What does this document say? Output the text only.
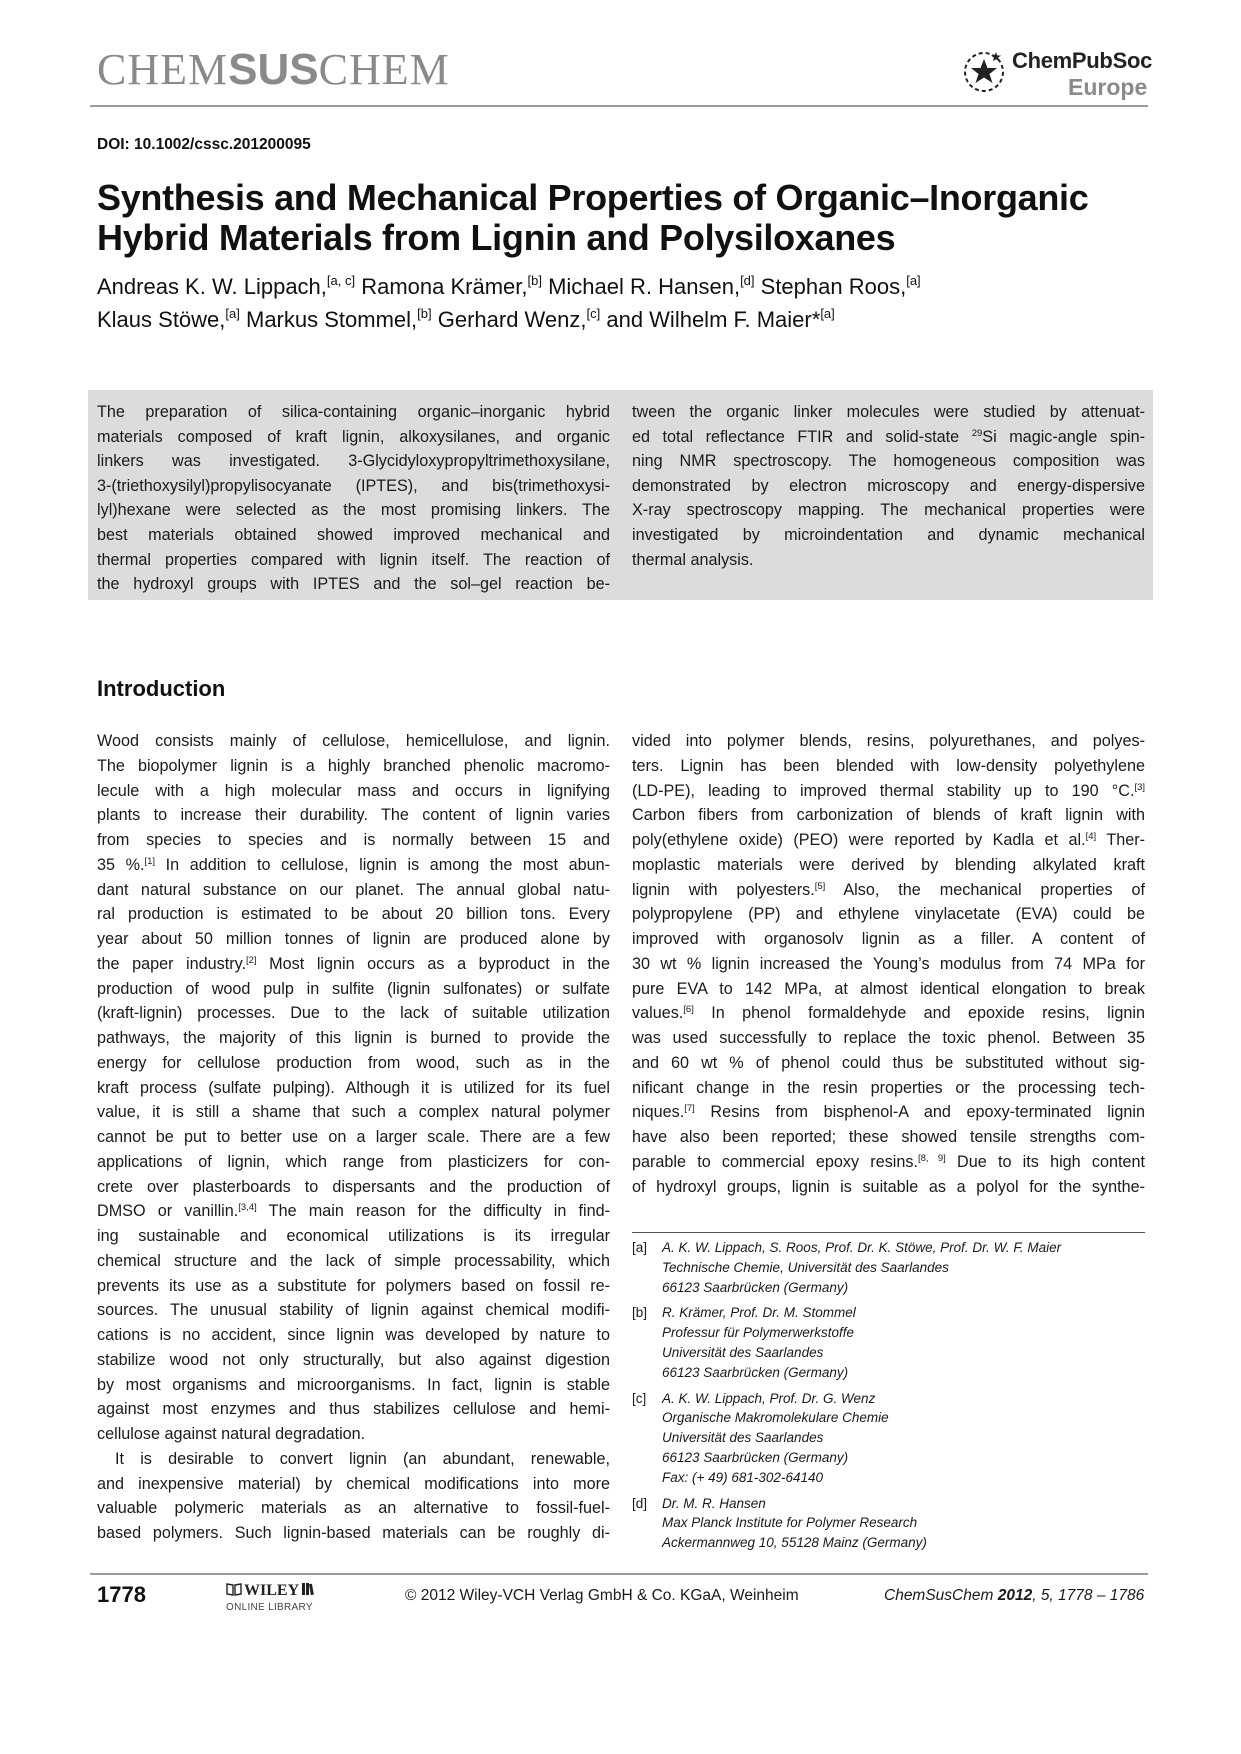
CHEMSUSCHEM	ChemPubSoc
Europe
DOI: 10.1002/cssc.201200095
Synthesis and Mechanical Properties of Organic–Inorganic
Hybrid Materials from Lignin and Polysiloxanes
Andreas K. W. Lippach,[a, c] Ramona Krämer,[b] Michael R. Hansen,[d] Stephan Roos,[a]
Klaus Stöwe,[a] Markus Stommel,[b] Gerhard Wenz,[c] and Wilhelm F. Maier*[a]
The preparation of silica-containing organic–inorganic hybrid
materials composed of kraft lignin, alkoxysilanes, and organic
linkers was investigated. 3-Glycidyloxypropyltrimethoxysilane,
3-(triethoxysilyl)propylisocyanate (IPTES), and bis(trimethoxysi-
lyl)hexane were selected as the most promising linkers. The
best materials obtained showed improved mechanical and
thermal properties compared with lignin itself. The reaction of
the hydroxyl groups with IPTES and the sol–gel reaction be-
tween the organic linker molecules were studied by attenuat-
ed total reflectance FTIR and solid-state $^{29}$Si magic-angle spin-
ning NMR spectroscopy. The homogeneous composition was
demonstrated by electron microscopy and energy-dispersive
X-ray spectroscopy mapping. The mechanical properties were
investigated by microindentation and dynamic mechanical
thermal analysis.
Introduction
Wood consists mainly of cellulose, hemicellulose, and lignin.
The biopolymer lignin is a highly branched phenolic macromo-
lecule with a high molecular mass and occurs in lignifying
plants to increase their durability. The content of lignin varies
from species to species and is normally between 15 and
35 %.[1] In addition to cellulose, lignin is among the most abun-
dant natural substance on our planet. The annual global natu-
ral production is estimated to be about 20 billion tons. Every
year about 50 million tonnes of lignin are produced alone by
the paper industry.[2] Most lignin occurs as a byproduct in the
production of wood pulp in sulfite (lignin sulfonates) or sulfate
(kraft-lignin) processes. Due to the lack of suitable utilization
pathways, the majority of this lignin is burned to provide the
energy for cellulose production from wood, such as in the
kraft process (sulfate pulping). Although it is utilized for its fuel
value, it is still a shame that such a complex natural polymer
cannot be put to better use on a larger scale. There are a few
applications of lignin, which range from plasticizers for con-
crete over plasterboards to dispersants and the production of
DMSO or vanillin.[3,4] The main reason for the difficulty in find-
ing sustainable and economical utilizations is its irregular
chemical structure and the lack of simple processability, which
prevents its use as a substitute for polymers based on fossil re-
sources. The unusual stability of lignin against chemical modifi-
cations is no accident, since lignin was developed by nature to
stabilize wood not only structurally, but also against digestion
by most organisms and microorganisms. In fact, lignin is stable
against most enzymes and thus stabilizes cellulose and hemi-
cellulose against natural degradation.
It is desirable to convert lignin (an abundant, renewable,
and inexpensive material) by chemical modifications into more
valuable polymeric materials as an alternative to fossil-fuel-
based polymers. Such lignin-based materials can be roughly di-
vided into polymer blends, resins, polyurethanes, and polyes-
ters. Lignin has been blended with low-density polyethylene
(LD-PE), leading to improved thermal stability up to 190 °C.[3]
Carbon fibers from carbonization of blends of kraft lignin with
poly(ethylene oxide) (PEO) were reported by Kadla et al.[4] Ther-
moplastic materials were derived by blending alkylated kraft
lignin with polyesters.[5] Also, the mechanical properties of
polypropylene (PP) and ethylene vinylacetate (EVA) could be
improved with organosolv lignin as a filler. A content of
30 wt % lignin increased the Young’s modulus from 74 MPa for
pure EVA to 142 MPa, at almost identical elongation to break
values.[6] In phenol formaldehyde and epoxide resins, lignin
was used successfully to replace the toxic phenol. Between 35
and 60 wt % of phenol could thus be substituted without sig-
nificant change in the resin properties or the processing tech-
niques.[7] Resins from bisphenol-A and epoxy-terminated lignin
have also been reported; these showed tensile strengths com-
parable to commercial epoxy resins.[8, 9] Due to its high content
of hydroxyl groups, lignin is suitable as a polyol for the synthe-
[a] A. K. W. Lippach, S. Roos, Prof. Dr. K. Stöwe, Prof. Dr. W. F. Maier
Technische Chemie, Universität des Saarlandes
66123 Saarbrücken (Germany)
[b] R. Krämer, Prof. Dr. M. Stommel
Professur für Polymerwerkstoffe
Universität des Saarlandes
66123 Saarbrücken (Germany)
[c] A. K. W. Lippach, Prof. Dr. G. Wenz
Organische Makromolekulare Chemie
Universität des Saarlandes
66123 Saarbrücken (Germany)
Fax: (+ 49) 681-302-64140
[d] Dr. M. R. Hansen
Max Planck Institute for Polymer Research
Ackermannweg 10, 55128 Mainz (Germany)
1778	WILEY
ONLINE LIBRARY
© 2012 Wiley-VCH Verlag GmbH & Co. KGaA, Weinheim	ChemSusChem 2012, 5, 1778 – 1786
